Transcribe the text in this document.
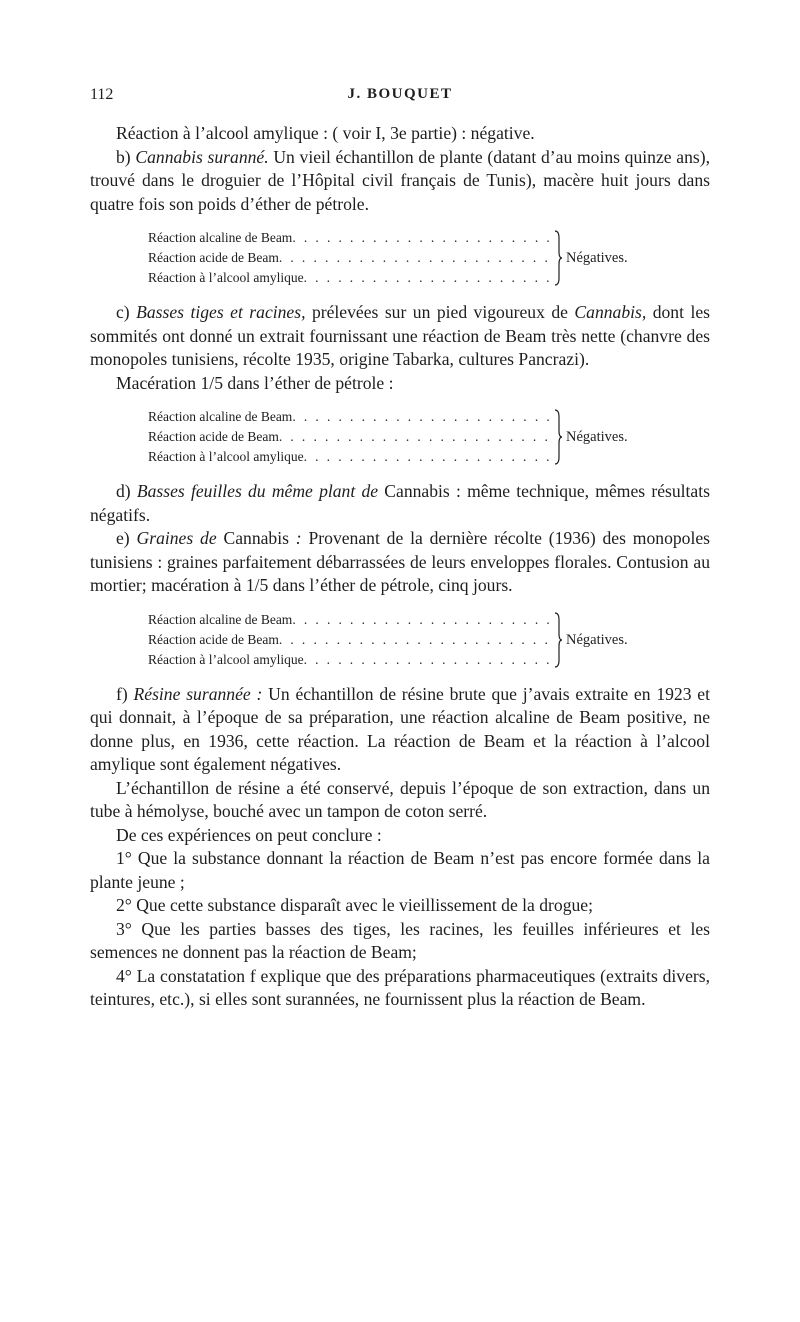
112	J. BOUQUET

Réaction à l’alcool amylique : ( voir I, 3e partie) : négative.

b) Cannabis suranné. Un vieil échantillon de plante (datant d’au moins quinze ans), trouvé dans le droguier de l’Hôpital civil français de Tunis), macère huit jours dans quatre fois son poids d’éther de pétrole.

Réaction alcaline de Beam
. . .
Réaction acide de Beam
. . .
Réaction à l’alcool amylique
. . .
Négatives.

c) Basses tiges et racines, prélevées sur un pied vigoureux de Cannabis, dont les sommités ont donné un extrait fournissant une réaction de Beam très nette (chanvre des monopoles tunisiens, récolte 1935, origine Tabarka, cultures Pancrazi).

Macération 1/5 dans l’éther de pétrole :

Réaction alcaline de Beam
. . .
Réaction acide de Beam
. . .
Réaction à l’alcool amylique
. . .
Négatives.

d) Basses feuilles du même plant de Cannabis : même technique, mêmes résultats négatifs.

e) Graines de Cannabis : Provenant de la dernière récolte (1936) des monopoles tunisiens : graines parfaitement débarrassées de leurs enveloppes florales. Contusion au mortier; macération à 1/5 dans l’éther de pétrole, cinq jours.

Réaction alcaline de Beam
. . .
Réaction acide de Beam
. . .
Réaction à l’alcool amylique
. . .
Négatives.

f) Résine surannée : Un échantillon de résine brute que j’avais extraite en 1923 et qui donnait, à l’époque de sa préparation, une réaction alcaline de Beam positive, ne donne plus, en 1936, cette réaction. La réaction de Beam et la réaction à l’alcool amylique sont également négatives.

L’échantillon de résine a été conservé, depuis l’époque de son extraction, dans un tube à hémolyse, bouché avec un tampon de coton serré.

De ces expériences on peut conclure :

1° Que la substance donnant la réaction de Beam n’est pas encore formée dans la plante jeune ;

2° Que cette substance disparaît avec le vieillissement de la drogue;

3° Que les parties basses des tiges, les racines, les feuilles inférieures et les semences ne donnent pas la réaction de Beam;

4° La constatation f explique que des préparations pharmaceutiques (extraits divers, teintures, etc.), si elles sont surannées, ne fournissent plus la réaction de Beam.
